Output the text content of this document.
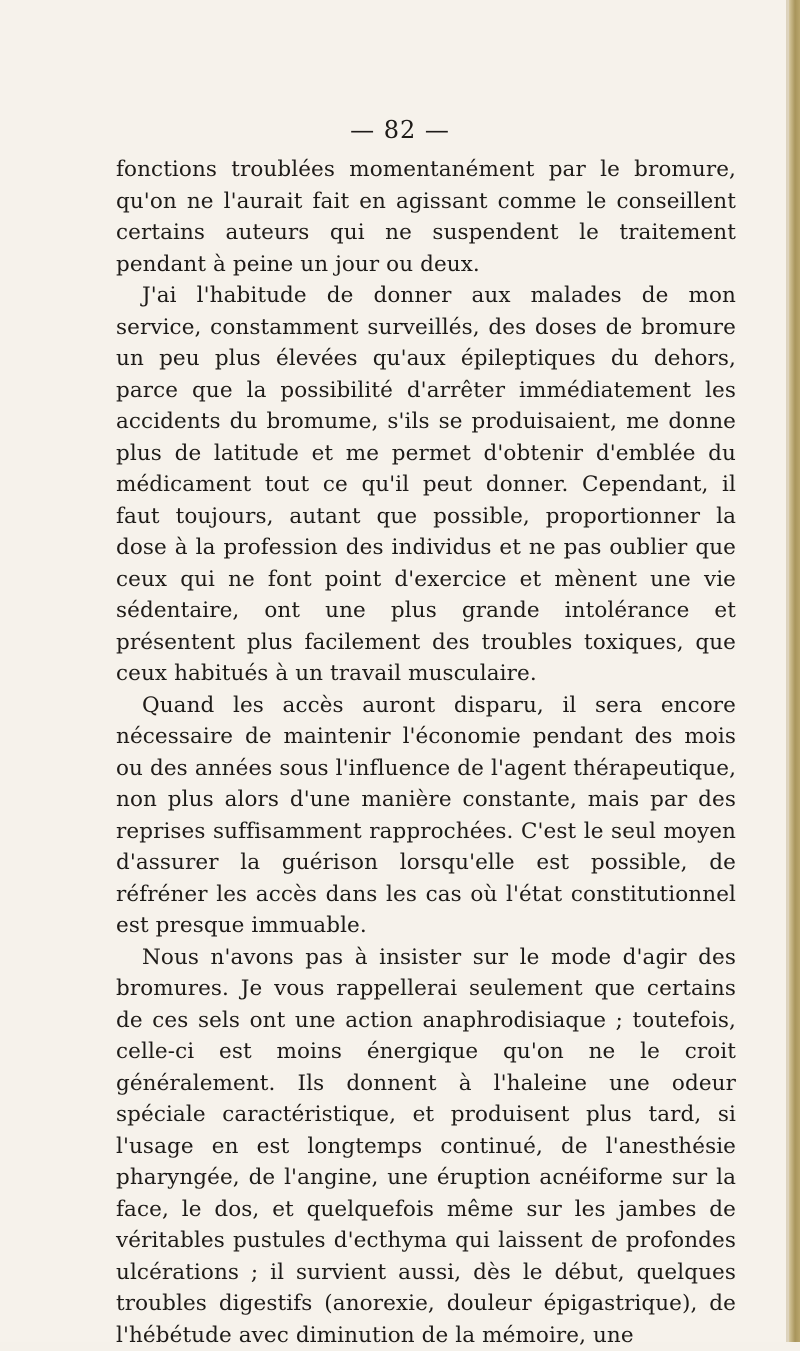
— 82 —

fonctions troublées momentanément par le bromure, qu'on ne l'aurait fait en agissant comme le conseillent certains auteurs qui ne suspendent le traitement pendant à peine un jour ou deux.

J'ai l'habitude de donner aux malades de mon service, constamment surveillés, des doses de bromure un peu plus élevées qu'aux épileptiques du dehors, parce que la possibilité d'arrêter immédiatement les accidents du bromume, s'ils se produisaient, me donne plus de latitude et me permet d'obtenir d'emblée du médicament tout ce qu'il peut donner. Cependant, il faut toujours, autant que possible, proportionner la dose à la profession des individus et ne pas oublier que ceux qui ne font point d'exercice et mènent une vie sédentaire, ont une plus grande intolérance et présentent plus facilement des troubles toxiques, que ceux habitués à un travail musculaire.

Quand les accès auront disparu, il sera encore nécessaire de maintenir l'économie pendant des mois ou des années sous l'influence de l'agent thérapeutique, non plus alors d'une manière constante, mais par des reprises suffisamment rapprochées. C'est le seul moyen d'assurer la guérison lorsqu'elle est possible, de réfréner les accès dans les cas où l'état constitutionnel est presque immuable.

Nous n'avons pas à insister sur le mode d'agir des bromures. Je vous rappellerai seulement que certains de ces sels ont une action anaphrodisiaque ; toutefois, celle-ci est moins énergique qu'on ne le croit généralement. Ils donnent à l'haleine une odeur spéciale caractéristique, et produisent plus tard, si l'usage en est longtemps continué, de l'anesthésie pharyngée, de l'angine, une éruption acnéiforme sur la face, le dos, et quelquefois même sur les jambes de véritables pustules d'ecthyma qui laissent de profondes ulcérations ; il survient aussi, dès le début, quelques troubles digestifs (anorexie, douleur épigastrique), de l'hébétude avec diminution de la mémoire, une
